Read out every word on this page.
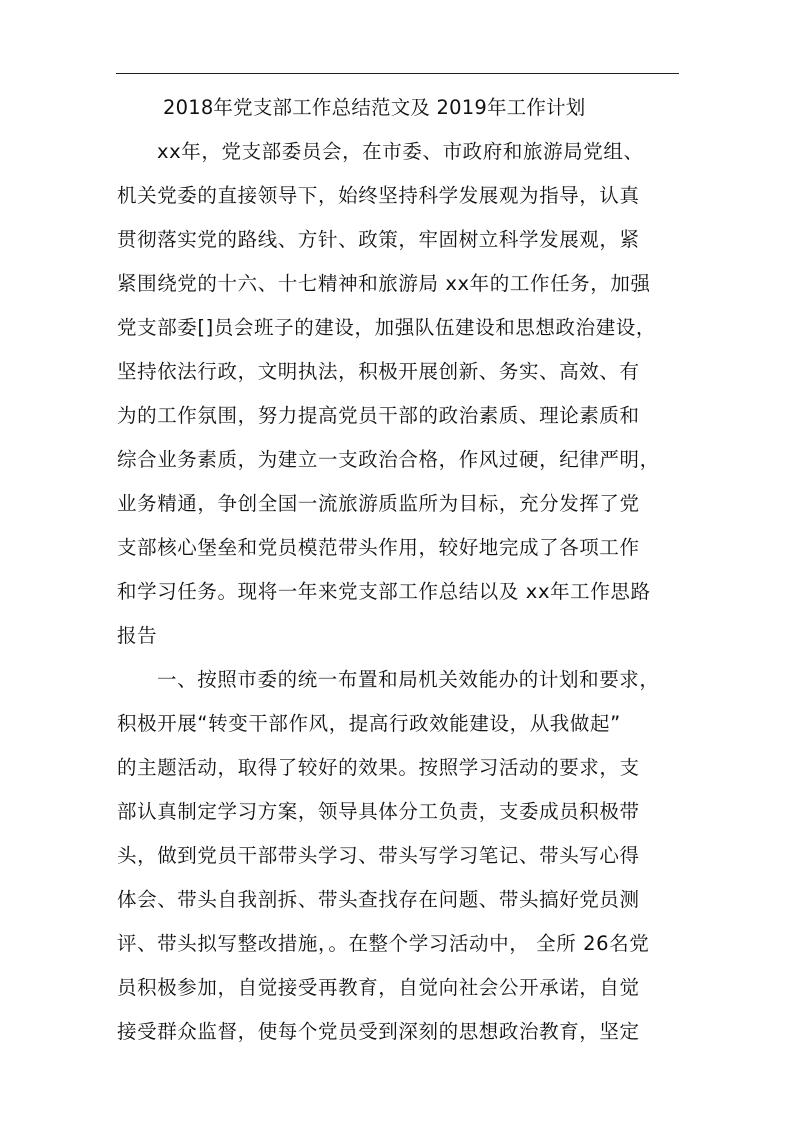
2018年党支部工作总结范文及 2019年工作计划
xx年，党支部委员会，在市委、市政府和旅游局党组、
机关党委的直接领导下，始终坚持科学发展观为指导，认真
贯彻落实党的路线、方针、政策，牢固树立科学发展观，紧
紧围绕党的十六、十七精神和旅游局 xx年的工作任务，加强
党支部委[]员会班子的建设，加强队伍建设和思想政治建设，
坚持依法行政，文明执法，积极开展创新、务实、高效、有
为的工作氛围，努力提高党员干部的政治素质、理论素质和
综合业务素质，为建立一支政治合格，作风过硬，纪律严明，
业务精通，争创全国一流旅游质监所为目标，充分发挥了党
支部核心堡垒和党员模范带头作用，较好地完成了各项工作
和学习任务。现将一年来党支部工作总结以及 xx年工作思路
报告
一、按照市委的统一布置和局机关效能办的计划和要求，
积极开展“转变干部作风，提高行政效能建设，从我做起”
的主题活动，取得了较好的效果。按照学习活动的要求，支
部认真制定学习方案，领导具体分工负责，支委成员积极带
头，做到党员干部带头学习、带头写学习笔记、带头写心得
体会、带头自我剖拆、带头查找存在问题、带头搞好党员测
评、带头拟写整改措施，。在整个学习活动中， 全所 26名党
员积极参加，自觉接受再教育，自觉向社会公开承诺，自觉
接受群众监督，使每个党员受到深刻的思想政治教育，坚定
